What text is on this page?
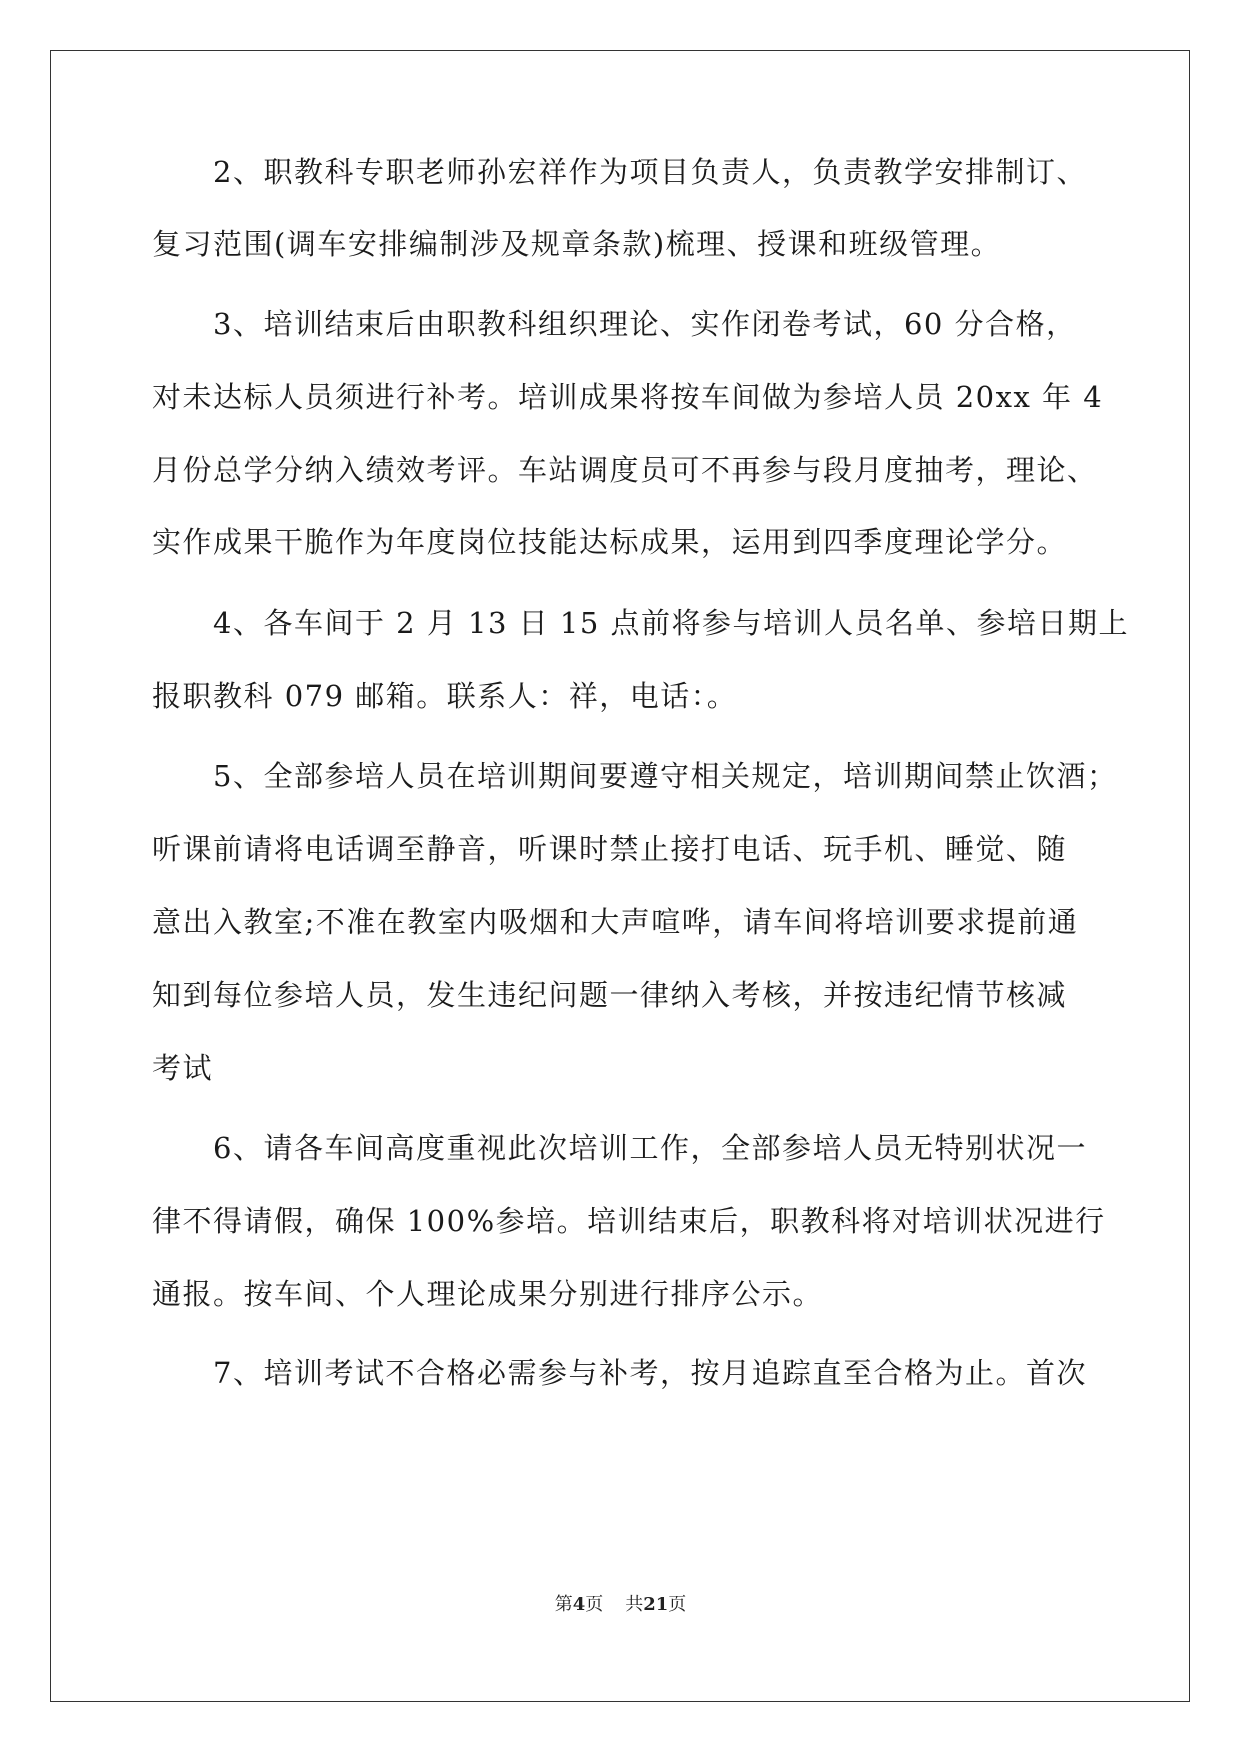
2、职教科专职老师孙宏祥作为项目负责人，负责教学安排制订、

复习范围(调车安排编制涉及规章条款)梳理、授课和班级管理。

3、培训结束后由职教科组织理论、实作闭卷考试，60 分合格，

对未达标人员须进行补考。培训成果将按车间做为参培人员 20xx 年 4

月份总学分纳入绩效考评。车站调度员可不再参与段月度抽考，理论、

实作成果干脆作为年度岗位技能达标成果，运用到四季度理论学分。

4、各车间于 2 月 13 日 15 点前将参与培训人员名单、参培日期上

报职教科 079 邮箱。联系人：祥，电话：。

5、全部参培人员在培训期间要遵守相关规定，培训期间禁止饮酒；

听课前请将电话调至静音，听课时禁止接打电话、玩手机、睡觉、随

意出入教室;不准在教室内吸烟和大声喧哗，请车间将培训要求提前通

知到每位参培人员，发生违纪问题一律纳入考核，并按违纪情节核减

考试

6、请各车间高度重视此次培训工作，全部参培人员无特别状况一

律不得请假，确保 100%参培。培训结束后，职教科将对培训状况进行

通报。按车间、个人理论成果分别进行排序公示。

7、培训考试不合格必需参与补考，按月追踪直至合格为止。首次

第4页 共21页
